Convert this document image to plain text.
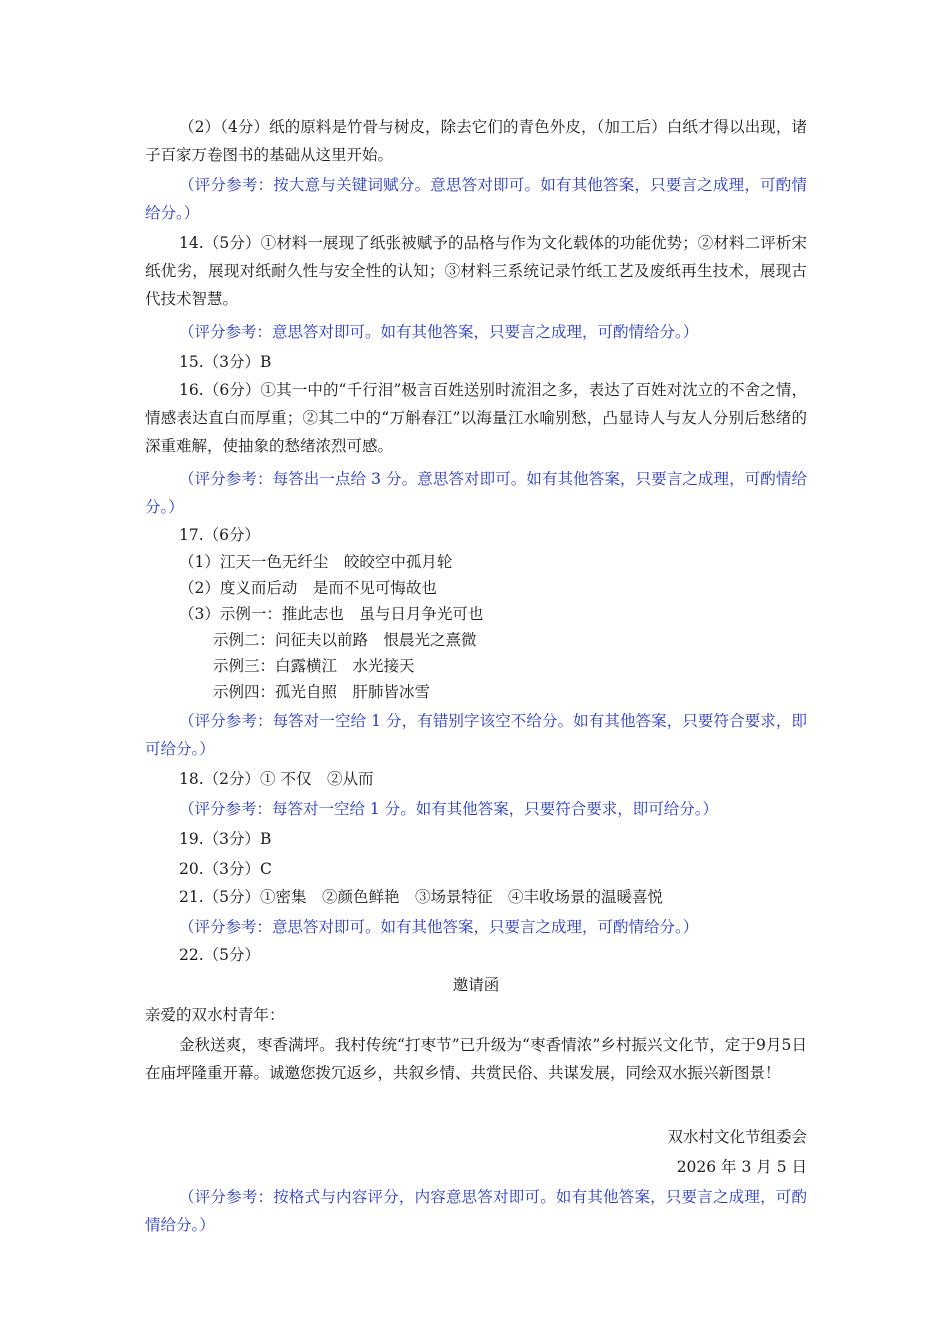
（2）（4分）纸的原料是竹骨与树皮，除去它们的青色外皮，（加工后）白纸才得以出现，诸子百家万卷图书的基础从这里开始。

（评分参考：按大意与关键词赋分。意思答对即可。如有其他答案，只要言之成理，可酌情给分。）

14.（5分）①材料一展现了纸张被赋予的品格与作为文化载体的功能优势；②材料二评析宋纸优劣，展现对纸耐久性与安全性的认知；③材料三系统记录竹纸工艺及废纸再生技术，展现古代技术智慧。

（评分参考：意思答对即可。如有其他答案，只要言之成理，可酌情给分。）

15.（3分）B

16.（6分）①其一中的“千行泪”极言百姓送别时流泪之多，表达了百姓对沈立的不舍之情，情感表达直白而厚重；②其二中的“万斛春江”以海量江水喻别愁，凸显诗人与友人分别后愁绪的深重难解，使抽象的愁绪浓烈可感。

（评分参考：每答出一点给 3 分。意思答对即可。如有其他答案，只要言之成理，可酌情给分。）

17.（6分）

（1）江天一色无纤尘　皎皎空中孤月轮

（2）度义而后动　是而不见可悔故也

（3）示例一：推此志也　虽与日月争光可也

示例二：问征夫以前路　恨晨光之熹微

示例三：白露横江　水光接天

示例四：孤光自照　肝肺皆冰雪

（评分参考：每答对一空给 1 分，有错别字该空不给分。如有其他答案，只要符合要求，即可给分。）

18.（2分）① 不仅　②从而

（评分参考：每答对一空给 1 分。如有其他答案，只要符合要求，即可给分。）

19.（3分）B

20.（3分）C

21.（5分）①密集　②颜色鲜艳　③场景特征　④丰收场景的温暖喜悦

（评分参考：意思答对即可。如有其他答案，只要言之成理，可酌情给分。）

22.（5分）

邀请函

亲爱的双水村青年：

金秋送爽，枣香满坪。我村传统“打枣节”已升级为“枣香情浓”乡村振兴文化节，定于9月5日在庙坪隆重开幕。诚邀您拨冗返乡，共叙乡情、共赏民俗、共谋发展，同绘双水振兴新图景！

双水村文化节组委会

2026 年 3 月 5 日

（评分参考：按格式与内容评分，内容意思答对即可。如有其他答案，只要言之成理，可酌情给分。）
